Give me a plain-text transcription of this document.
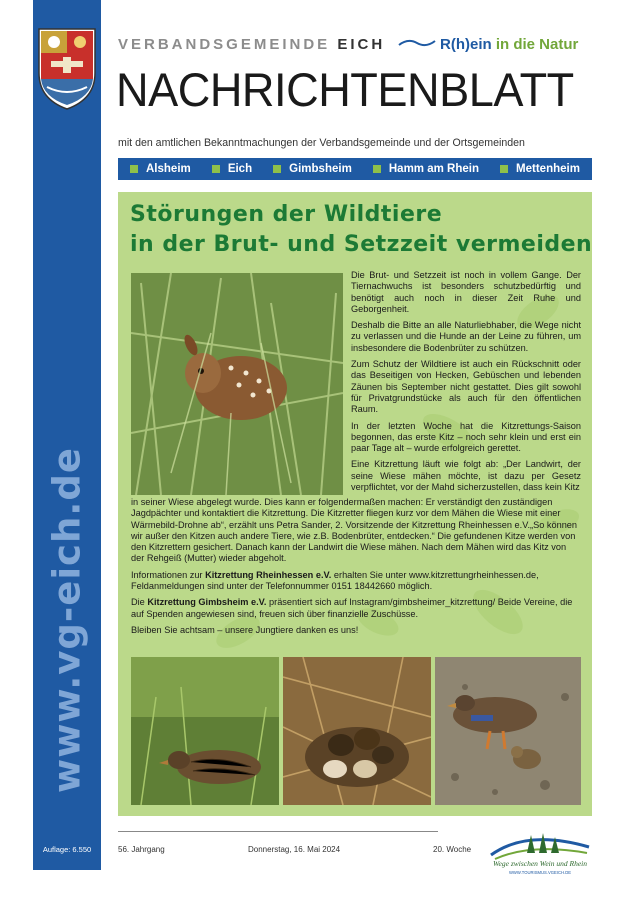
www.vg-eich.de
Auflage: 6.550
VERBANDSGEMEINDE EICH	R(h)ein in die Natur
NACHRICHTENBLATT
mit den amtlichen Bekanntmachungen der Verbandsgemeinde und der Ortsgemeinden
Alsheim	Eich	Gimbsheim	Hamm am Rhein	Mettenheim
Störungen der Wildtiere
in der Brut- und Setzzeit vermeiden

Die Brut- und Setzzeit ist noch in vollem Gange. Der Tiernachwuchs ist besonders schutzbedürftig und benötigt auch noch in dieser Zeit Ruhe und Geborgenheit.

Deshalb die Bitte an alle Naturliebhaber, die Wege nicht zu verlassen und die Hunde an der Leine zu führen, um insbesondere die Bodenbrüter zu schützen.

Zum Schutz der Wildtiere ist auch ein Rückschnitt oder das Beseitigen von Hecken, Gebüschen und lebenden Zäunen bis September nicht gestattet. Dies gilt sowohl für Privatgrundstücke als auch für den öffentlichen Raum.

In der letzten Woche hat die Kitzrettungs-Saison begonnen, das erste Kitz – noch sehr klein und erst ein paar Tage alt – wurde erfolgreich gerettet.

Eine Kitzrettung läuft wie folgt ab: „Der Landwirt, der seine Wiese mähen möchte, ist dazu per Gesetz verpflichtet, vor der Mahd sicherzustellen, dass kein Kitz

in seiner Wiese abgelegt wurde. Dies kann er folgendermaßen machen: Er verständigt den zuständigen Jagdpächter und kontaktiert die Kitzrettung. Die Kitzretter fliegen kurz vor dem Mähen die Wiese mit einer Wärmebild-Drohne ab“, erzählt uns Petra Sander, 2. Vorsitzende der Kitzrettung Rheinhessen e.V.„So können wir außer den Kitzen auch andere Tiere, wie z.B. Bodenbrüter, entdecken.“ Die gefundenen Kitze werden von den Kitzrettern gesichert. Danach kann der Landwirt die Wiese mähen. Nach dem Mähen wird das Kitz von der Rehgeiß (Mutter) wieder abgeholt.

Informationen zur Kitzrettung Rheinhessen e.V. erhalten Sie unter www.kitzrettungrheinhessen.de, Feldanmeldungen sind unter der Telefonnummer 0151 18442660 möglich.

Die Kitzrettung Gimbsheim e.V. präsentiert sich auf Instagram/gimbsheimer_kitzrettung/ Beide Vereine, die auf Spenden angewiesen sind, freuen sich über finanzielle Zuschüsse.

Bleiben Sie achtsam – unsere Jungtiere danken es uns!

56. Jahrgang	Donnerstag, 16. Mai 2024	20. Woche
Wege zwischen Wein und Rhein
WWW.TOURISMUS.VGEICH.DE
